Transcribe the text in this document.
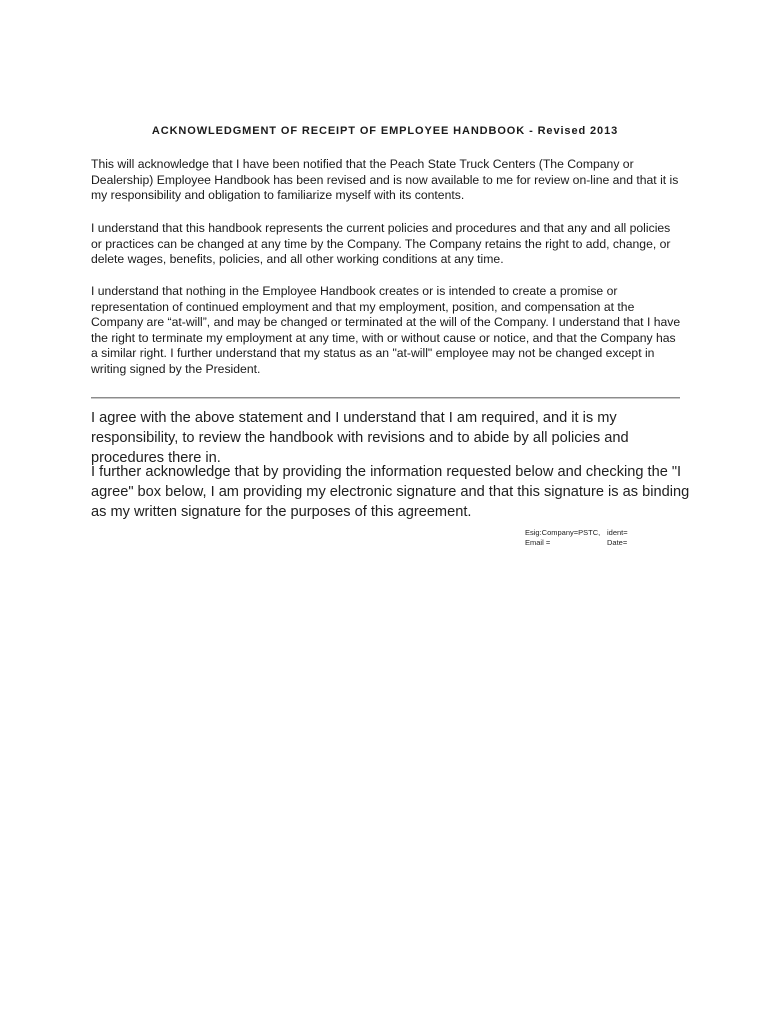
ACKNOWLEDGMENT OF RECEIPT OF EMPLOYEE HANDBOOK - Revised 2013

This will acknowledge that I have been notified that the Peach State Truck Centers (The Company or Dealership) Employee Handbook has been revised and is now available to me for review on-line and that it is my responsibility and obligation to familiarize myself with its contents.

I understand that this handbook represents the current policies and procedures and that any and all policies or practices can be changed at any time by the Company. The Company retains the right to add, change, or delete wages, benefits, policies, and all other working conditions at any time.

I understand that nothing in the Employee Handbook creates or is intended to create a promise or representation of continued employment and that my employment, position, and compensation at the Company are “at-will”, and may be changed or terminated at the will of the Company. I understand that I have the right to terminate my employment at any time, with or without cause or notice, and that the Company has a similar right. I further understand that my status as an "at-will" employee may not be changed except in writing signed by the President.

I agree with the above statement and I understand that I am required, and it is my responsibility, to review the handbook with revisions and to abide by all policies and procedures there in.

I further acknowledge that by providing the information requested below and checking the "I agree" box below, I am providing my electronic signature and that this signature is as binding as my written signature for the purposes of this agreement.

Esig:Company=PSTC, ident=
Email =	Date=
